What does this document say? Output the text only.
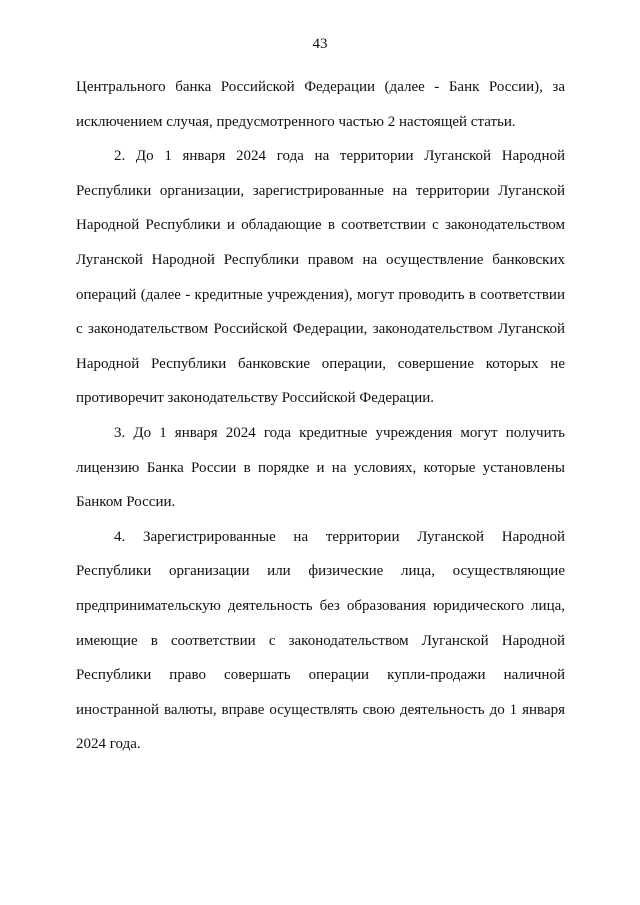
43

Центрального банка Российской Федерации (далее - Банк России), за исключением случая, предусмотренного частью 2 настоящей статьи.

2. До 1 января 2024 года на территории Луганской Народной Республики организации, зарегистрированные на территории Луганской Народной Республики и обладающие в соответствии с законодательством Луганской Народной Республики правом на осуществление банковских операций (далее - кредитные учреждения), могут проводить в соответствии с законодательством Российской Федерации, законодательством Луганской Народной Республики банковские операции, совершение которых не противоречит законодательству Российской Федерации.

3. До 1 января 2024 года кредитные учреждения могут получить лицензию Банка России в порядке и на условиях, которые установлены Банком России.

4. Зарегистрированные на территории Луганской Народной Республики организации или физические лица, осуществляющие предпринимательскую деятельность без образования юридического лица, имеющие в соответствии с законодательством Луганской Народной Республики право совершать операции купли-продажи наличной иностранной валюты, вправе осуществлять свою деятельность до 1 января 2024 года.
